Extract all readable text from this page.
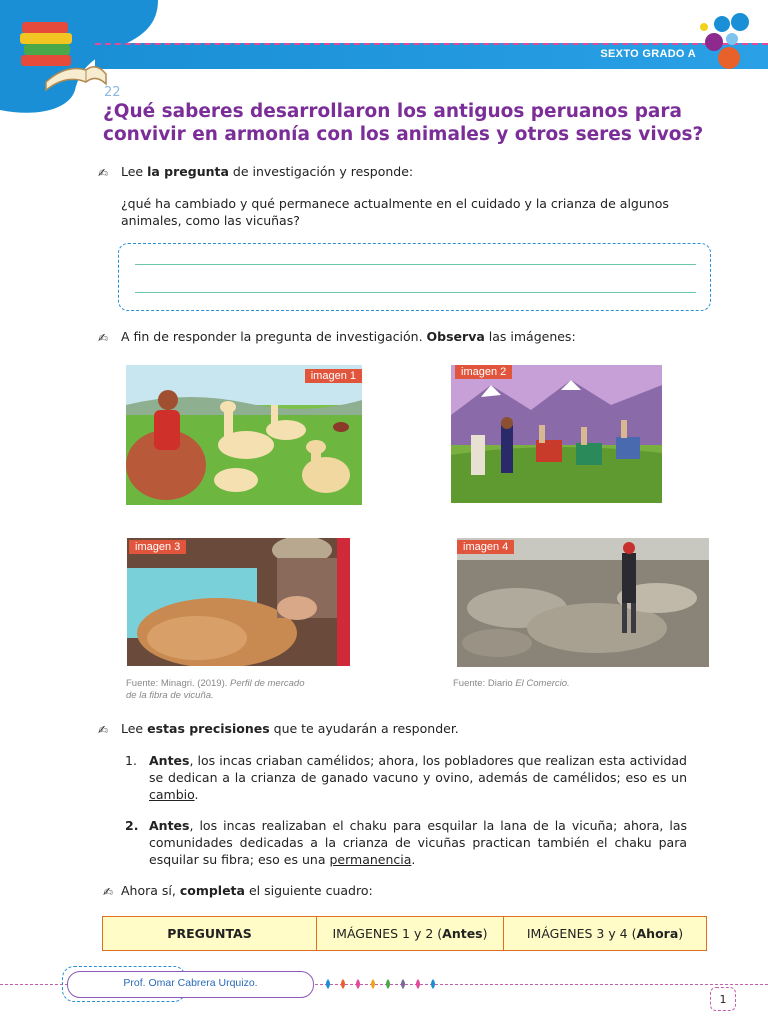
SEXTO GRADO A
22
¿Qué saberes desarrollaron los antiguos peruanos para
convivir en armonía con los animales y otros seres vivos?
✍ Lee la pregunta de investigación y responde:
¿qué ha cambiado y qué permanece actualmente en el cuidado y la crianza de algunos
animales, como las vicuñas?
✍ A fin de responder la pregunta de investigación. Observa las imágenes:
imagen 1	imagen 2
imagen 3	imagen 4
Fuente: Minagri. (2019). Perfil de mercado
de la fibra de vicuña.
Fuente: Diario El Comercio.
✍ Lee estas precisiones que te ayudarán a responder.
1. Antes, los incas criaban camélidos; ahora, los pobladores que realizan esta actividad se dedican a la crianza de ganado vacuno y ovino, además de camélidos; eso es un cambio.
2. Antes, los incas realizaban el chaku para esquilar la lana de la vicuña; ahora, las comunidades dedicadas a la crianza de vicuñas practican también el chaku para esquilar su fibra; eso es una permanencia.
✍ Ahora sí, completa el siguiente cuadro:
PREGUNTAS	IMÁGENES 1 y 2 ( Antes )	IMÁGENES 3 y 4 ( Ahora )
Prof. Omar Cabrera Urquizo.
1
